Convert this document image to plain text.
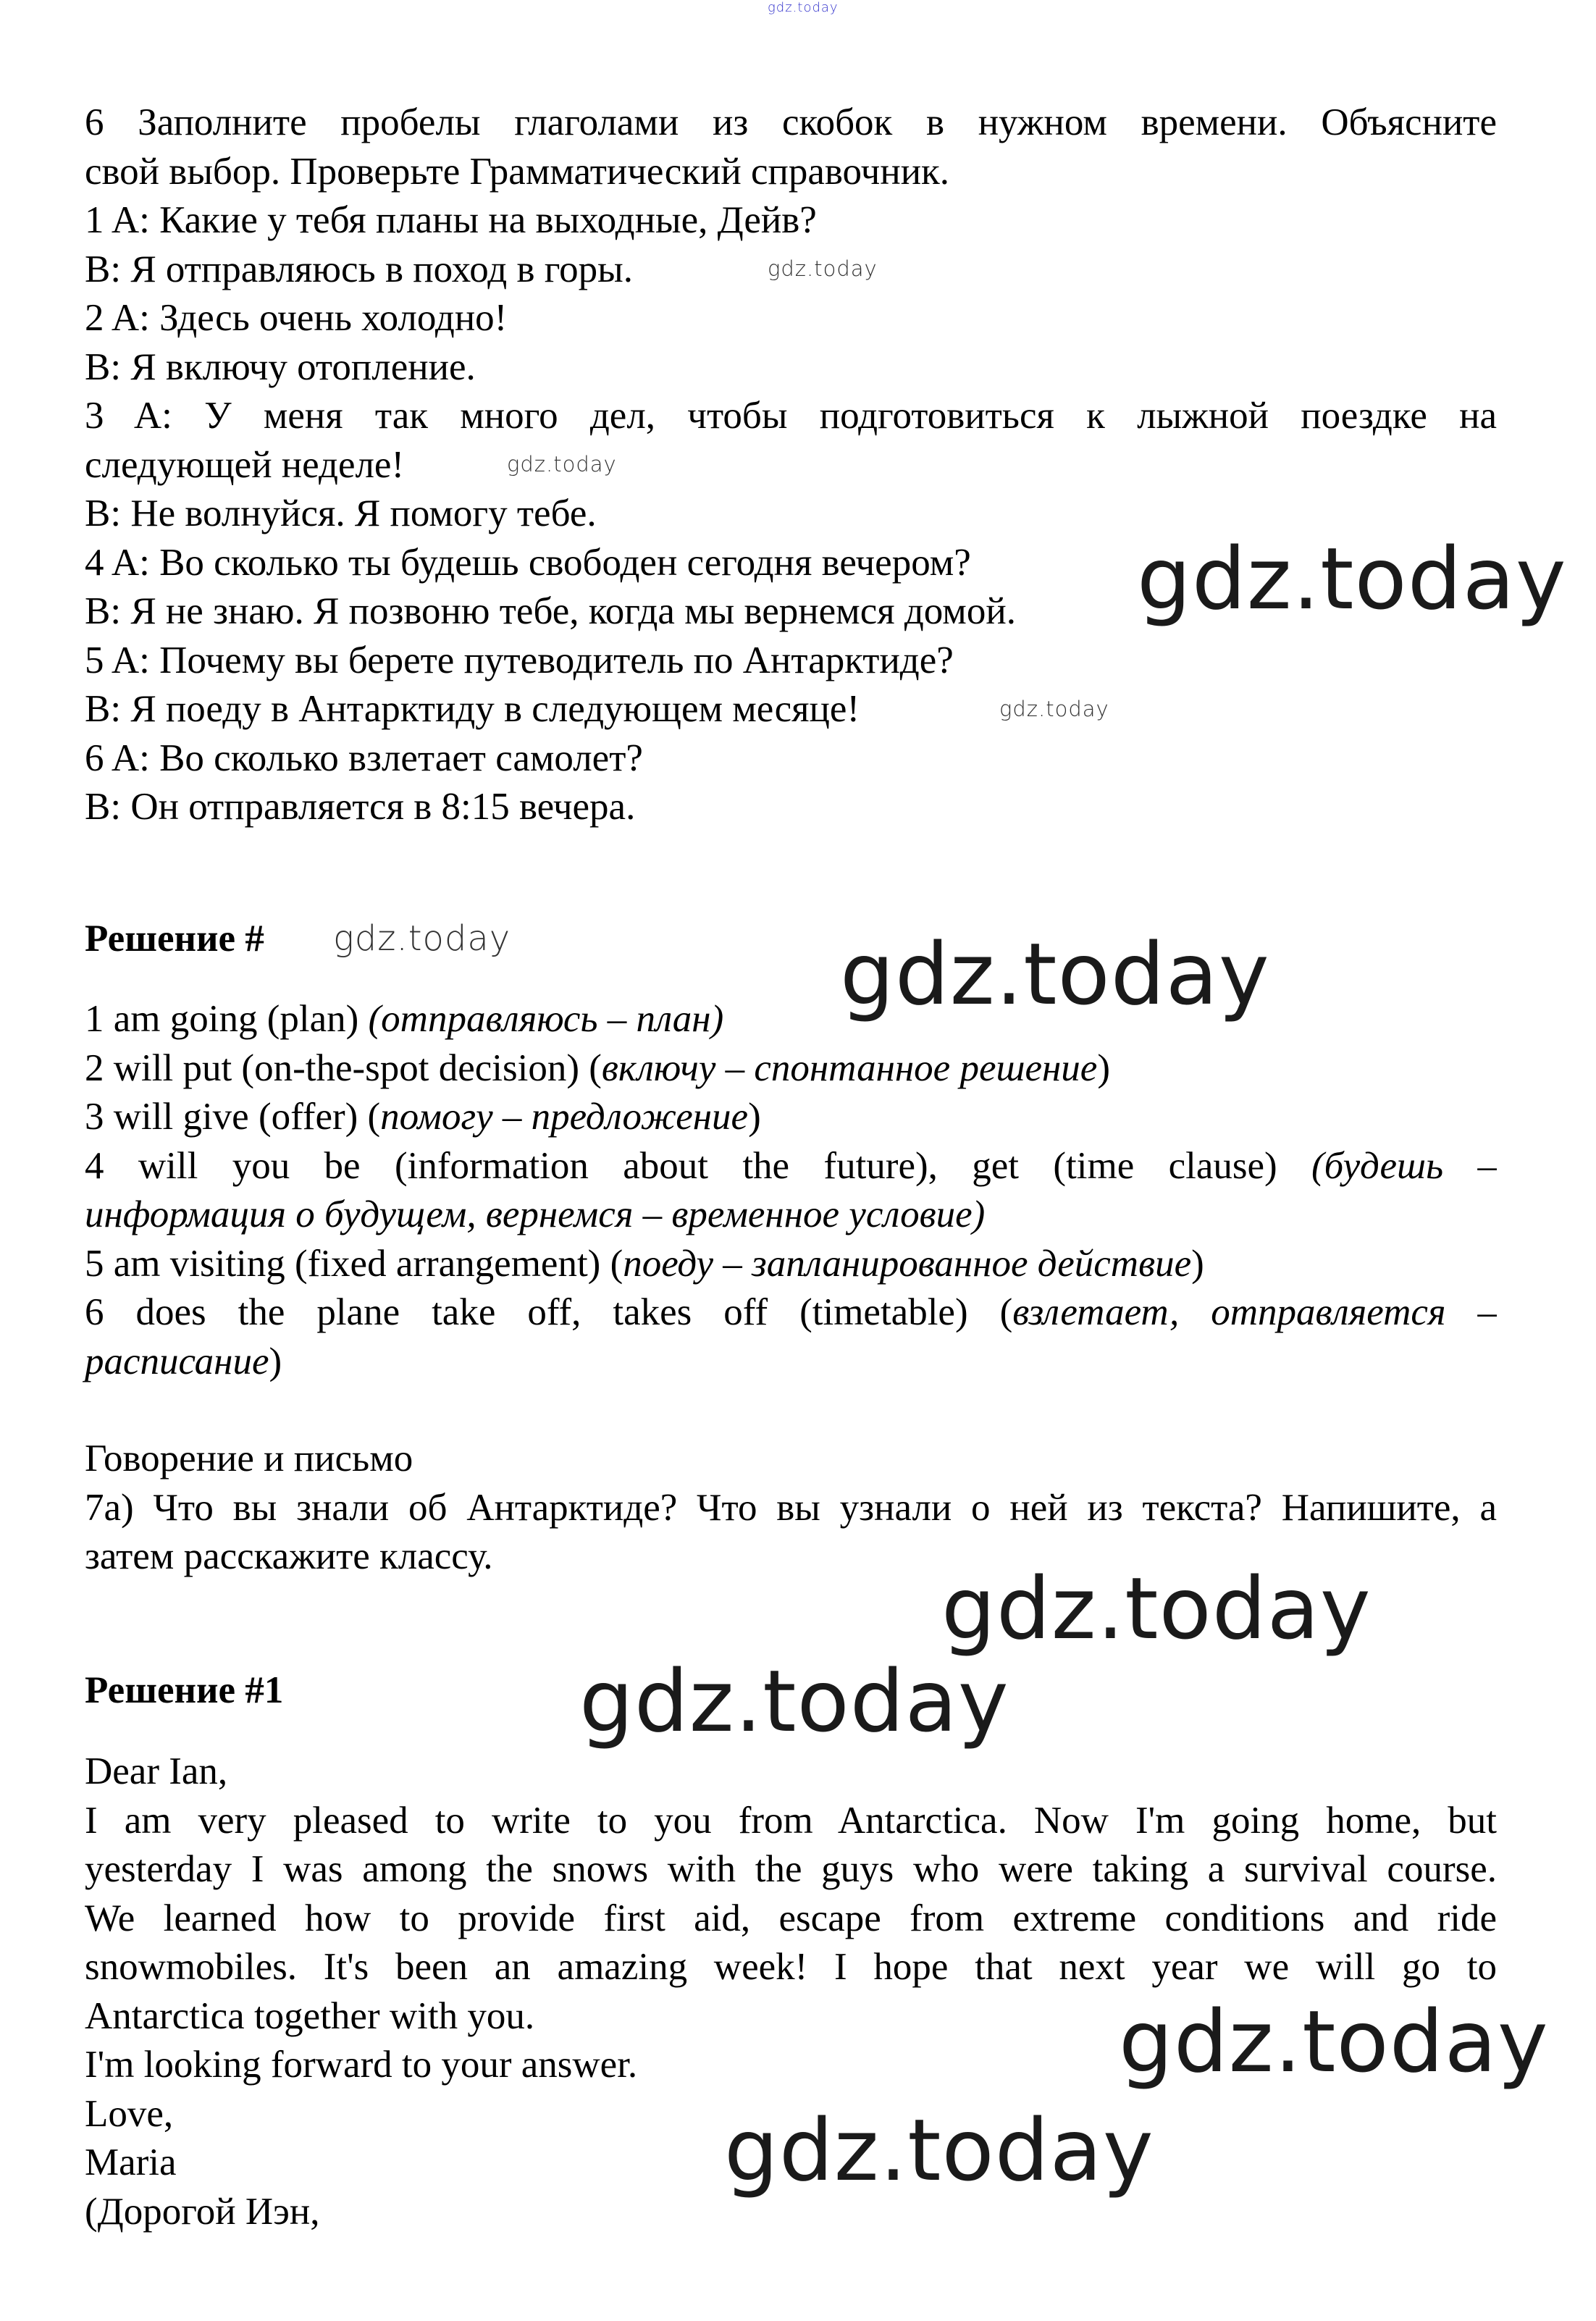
gdz.today
6 Заполните пробелы глаголами из скобок в нужном времени. Объясните
свой выбор. Проверьте Грамматический справочник.
1 A: Какие у тебя планы на выходные, Дейв?
B: Я отправляюсь в поход в горы.
2 A: Здесь очень холодно!
B: Я включу отопление.
3 A: У меня так много дел, чтобы подготовиться к лыжной поездке на
следующей неделе!
B: Не волнуйся. Я помогу тебе.
4 A: Во сколько ты будешь свободен сегодня вечером?
B: Я не знаю. Я позвоню тебе, когда мы вернемся домой.
5 A: Почему вы берете путеводитель по Антарктиде?
B: Я поеду в Антарктиду в следующем месяце!
6 A: Во сколько взлетает самолет?
B: Он отправляется в 8:15 вечера.
Решение #
1 am going (plan) (отправляюсь – план)
2 will put (on-the-spot decision) (включу – спонтанное решение)
3 will give (offer) (помогу – предложение)
4 will you be (information about the future), get (time clause) (будешь –
информация о будущем, вернемся – временное условие)
5 am visiting (fixed arrangement) (поеду – запланированное действие)
6 does the plane take off, takes off (timetable) (взлетает, отправляется –
расписание)
Говорение и письмо
7a) Что вы знали об Антарктиде? Что вы узнали о ней из текста? Напишите, а
затем расскажите классу.
Решение #1
Dear Ian,
I am very pleased to write to you from Antarctica. Now I'm going home, but
yesterday I was among the snows with the guys who were taking a survival course.
We learned how to provide first aid, escape from extreme conditions and ride
snowmobiles. It's been an amazing week! I hope that next year we will go to
Antarctica together with you.
I'm looking forward to your answer.
Love,
Maria
(Дорогой Иэн,
gdz.today
gdz.today
gdz.today
gdz.today
gdz.today
gdz.today
gdz.today
gdz.today
gdz.today
gdz.today
